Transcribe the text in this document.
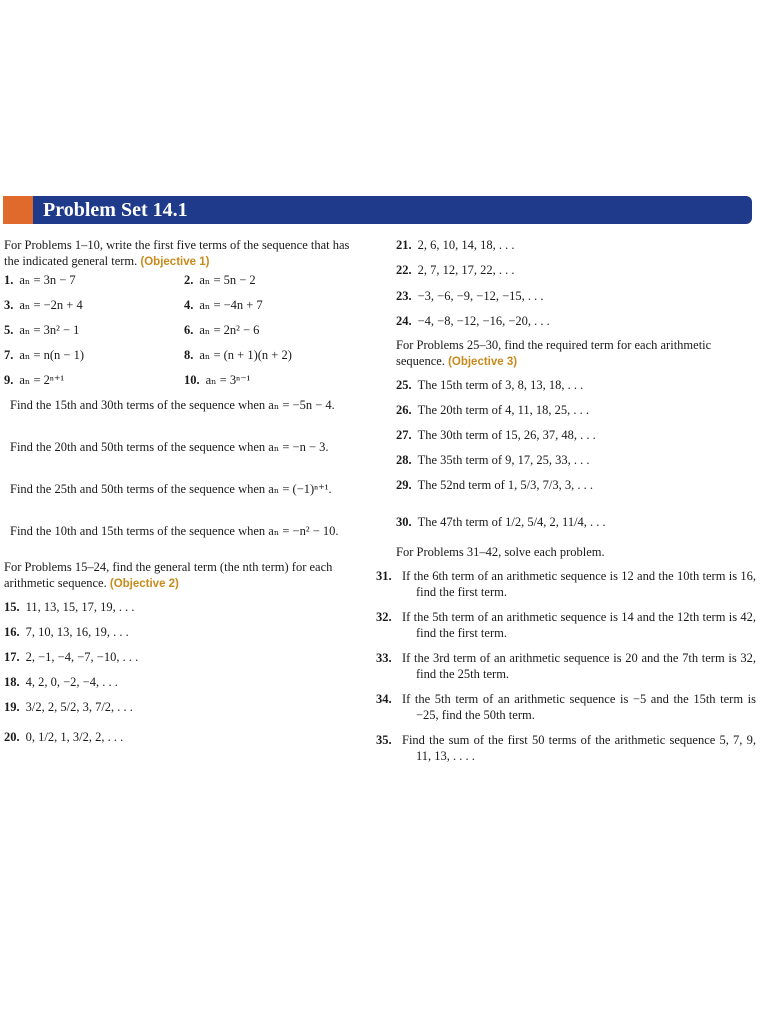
Problem Set 14.1

For Problems 1–10, write the first five terms of the sequence that has the indicated general term. (Objective 1)

1. aₙ = 3n − 7	2. aₙ = 5n − 2
3. aₙ = −2n + 4	4. aₙ = −4n + 7
5. aₙ = 3n² − 1	6. aₙ = 2n² − 6
7. aₙ = n(n − 1)	8. aₙ = (n + 1)(n + 2)
9. aₙ = 2ⁿ⁺¹	10. aₙ = 3ⁿ⁻¹
Find the 15th and 30th terms of the sequence when aₙ = −5n − 4.
Find the 20th and 50th terms of the sequence when aₙ = −n − 3.
Find the 25th and 50th terms of the sequence when aₙ = (−1)ⁿ⁺¹.
Find the 10th and 15th terms of the sequence when aₙ = −n² − 10.

For Problems 15–24, find the general term (the nth term) for each arithmetic sequence. (Objective 2)

15. 11, 13, 15, 17, 19, . . .
16. 7, 10, 13, 16, 19, . . .
17. 2, −1, −4, −7, −10, . . .
18. 4, 2, 0, −2, −4, . . .
19. 3/2, 2, 5/2, 3, 7/2, . . .
20. 0, 1/2, 1, 3/2, 2, . . .
21. 2, 6, 10, 14, 18, . . .
22. 2, 7, 12, 17, 22, . . .
23. −3, −6, −9, −12, −15, . . .
24. −4, −8, −12, −16, −20, . . .

For Problems 25–30, find the required term for each arithmetic sequence. (Objective 3)

25. The 15th term of 3, 8, 13, 18, . . .
26. The 20th term of 4, 11, 18, 25, . . .
27. The 30th term of 15, 26, 37, 48, . . .
28. The 35th term of 9, 17, 25, 33, . . .
29. The 52nd term of 1, 5/3, 7/3, 3, . . .
30. The 47th term of 1/2, 5/4, 2, 11/4, . . .

For Problems 31–42, solve each problem.

31. If the 6th term of an arithmetic sequence is 12 and the 10th term is 16, find the first term.
32. If the 5th term of an arithmetic sequence is 14 and the 12th term is 42, find the first term.
33. If the 3rd term of an arithmetic sequence is 20 and the 7th term is 32, find the 25th term.
34. If the 5th term of an arithmetic sequence is −5 and the 15th term is −25, find the 50th term.
35. Find the sum of the first 50 terms of the arithmetic sequence 5, 7, 9, 11, 13, . . . .
